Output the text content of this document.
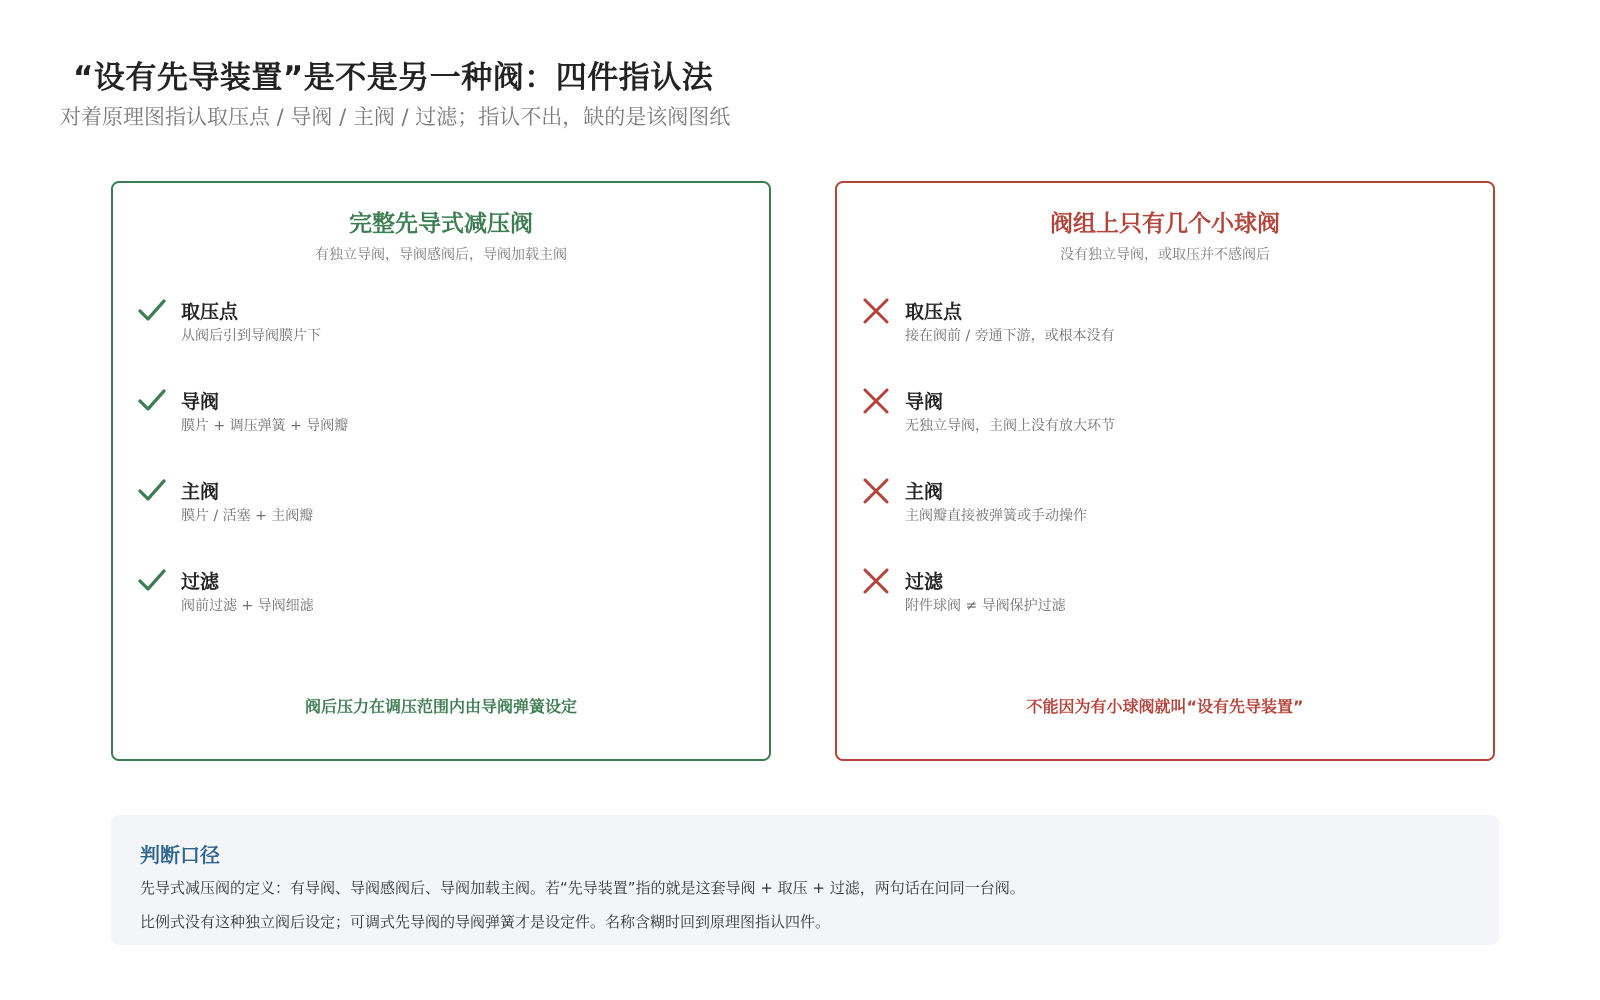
“设有先导装置”是不是另一种阀：四件指认法
对着原理图指认取压点 / 导阀 / 主阀 / 过滤；指认不出，缺的是该阀图纸
完整先导式减压阀
有独立导阀，导阀感阀后，导阀加载主阀
取压点
从阀后引到导阀膜片下
导阀
膜片 + 调压弹簧 + 导阀瓣
主阀
膜片 / 活塞 + 主阀瓣
过滤
阀前过滤 + 导阀细滤
阀后压力在调压范围内由导阀弹簧设定
阀组上只有几个小球阀
没有独立导阀，或取压并不感阀后
取压点
接在阀前 / 旁通下游，或根本没有
导阀
无独立导阀，主阀上没有放大环节
主阀
主阀瓣直接被弹簧或手动操作
过滤
附件球阀 ≠ 导阀保护过滤
不能因为有小球阀就叫“设有先导装置”
判断口径
先导式减压阀的定义：有导阀、导阀感阀后、导阀加载主阀。若“先导装置”指的就是这套导阀 + 取压 + 过滤，两句话在问同一台阀。
比例式没有这种独立阀后设定；可调式先导阀的导阀弹簧才是设定件。名称含糊时回到原理图指认四件。
